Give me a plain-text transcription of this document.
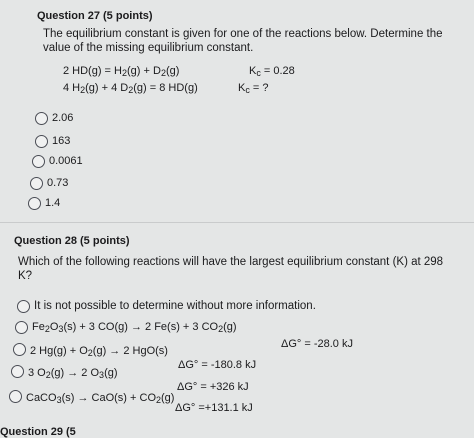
Question 27 (5 points)
The equilibrium constant is given for one of the reactions below. Determine the
value of the missing equilibrium constant.
2 $HD(g) = H_2(g) + D_2(g)$	$K_c = 0.28$
4 $H_2(g) + 4$ $D_2(g) = 8$ HD(g)	$K_c$ = ?
2.06
163
0.0061
0.73
1.4
Question 28 (5 points)
Which of the following reactions will have the largest equilibrium constant (K) at 298
K?
It is not possible to determine without more information.
$Fe_2O_3(s) + 3$ CO(g) → 2 Fe(s) + 3 $CO_2(g)$
ΔG° = -28.0 kJ
2 $Hg(g) + O_2(g) \to 2$ HgO(s)
ΔG° = -180.8 kJ
3 $O_2(g) \to 2$ $O_3(g)$
ΔG° = +326 kJ
CaCO$_3$(s) → $CaO(s) + CO_2(g)$
ΔG° =+131.1 kJ
Question 29 (5
